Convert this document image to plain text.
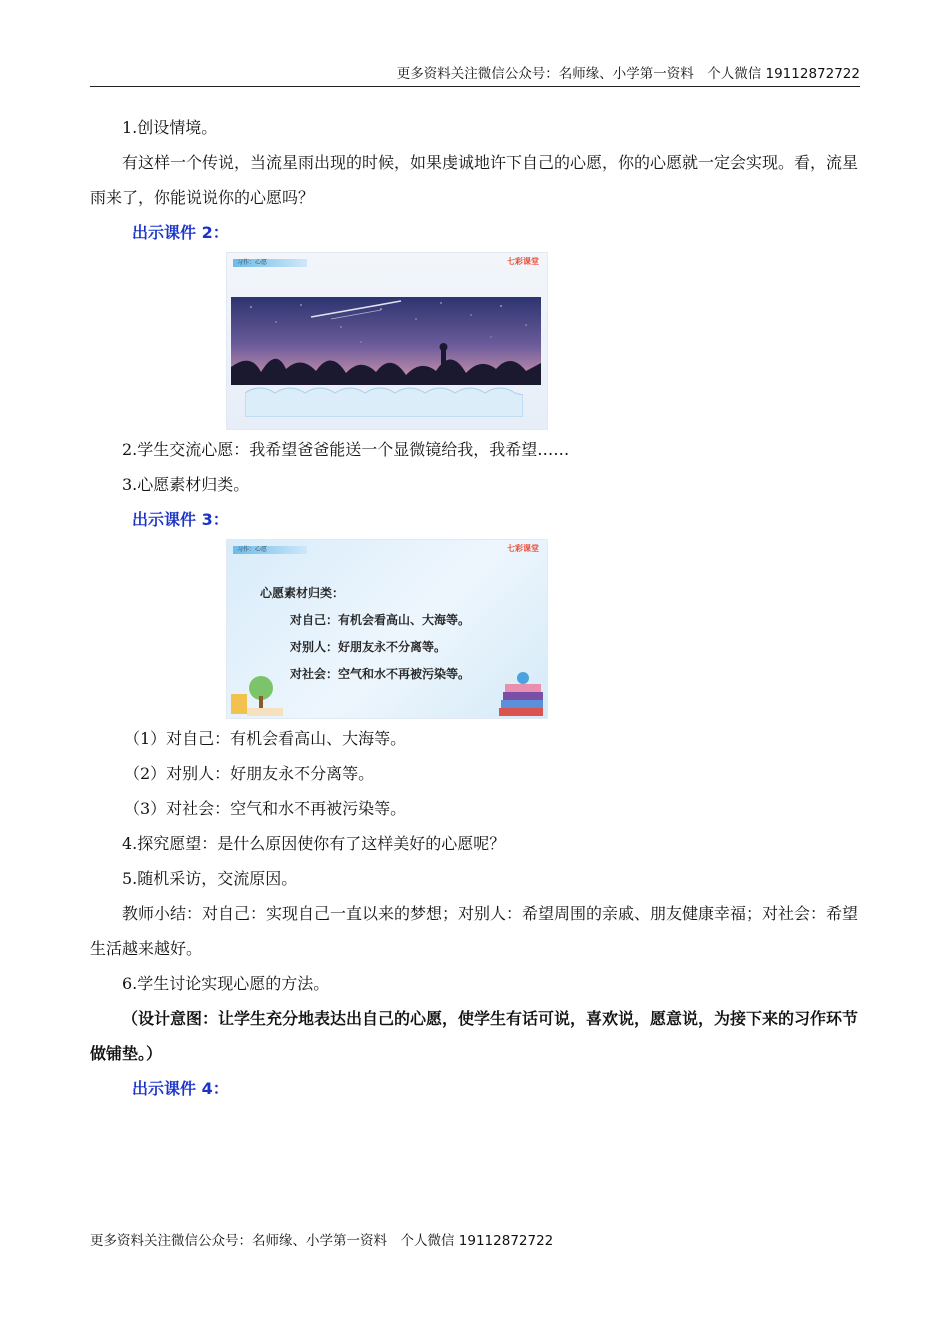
更多资料关注微信公众号：名师缘、小学第一资料　个人微信 19112872722

1.创设情境。

有这样一个传说，当流星雨出现的时候，如果虔诚地许下自己的心愿，你的心愿就一定会实现。看，流星雨来了，你能说说你的心愿吗？

出示课件 2：

习作：心愿	七彩课堂

2.学生交流心愿：我希望爸爸能送一个显微镜给我，我希望……

3.心愿素材归类。

出示课件 3：

习作：心愿	七彩课堂
心愿素材归类：
对自己：有机会看高山、大海等。
对别人：好朋友永不分离等。
对社会：空气和水不再被污染等。

（1）对自己：有机会看高山、大海等。

（2）对别人：好朋友永不分离等。

（3）对社会：空气和水不再被污染等。

4.探究愿望：是什么原因使你有了这样美好的心愿呢？

5.随机采访，交流原因。

教师小结：对自己：实现自己一直以来的梦想；对别人：希望周围的亲戚、朋友健康幸福；对社会：希望生活越来越好。

6.学生讨论实现心愿的方法。

（设计意图：让学生充分地表达出自己的心愿，使学生有话可说，喜欢说，愿意说，为接下来的习作环节做铺垫。）

出示课件 4：

更多资料关注微信公众号：名师缘、小学第一资料　个人微信 19112872722
